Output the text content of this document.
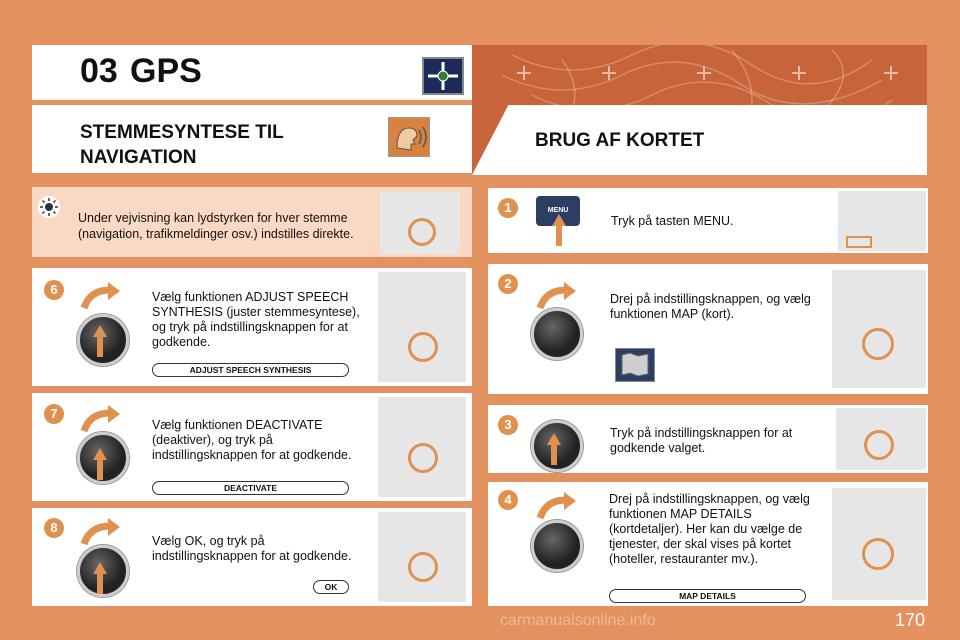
03 GPS
STEMMESYNTESE TIL NAVIGATION
BRUG AF KORTET
Under vejvisning kan lydstyrken for hver stemme (navigation, trafikmeldinger osv.) indstilles direkte.
6	Vælg funktionen ADJUST SPEECH SYNTHESIS (juster stemmesyntese), og tryk på indstillingsknappen for at godkende.
ADJUST SPEECH SYNTHESIS
7
Vælg funktionen DEACTIVATE (deaktiver), og tryk på indstillingsknappen for at godkende.
DEACTIVATE
8
Vælg OK, og tryk på indstillingsknappen for at godkende.
OK
1	MENU
Tryk på tasten MENU.
2
Drej på indstillingsknappen, og vælg funktionen MAP (kort).
3
Tryk på indstillingsknappen for at godkende valget.
4	Drej på indstillingsknappen, og vælg funktionen MAP DETAILS (kortdetaljer). Her kan du vælge de tjenester, der skal vises på kortet (hoteller, restauranter mv.).
MAP DETAILS
carmanualsonline.info	170
